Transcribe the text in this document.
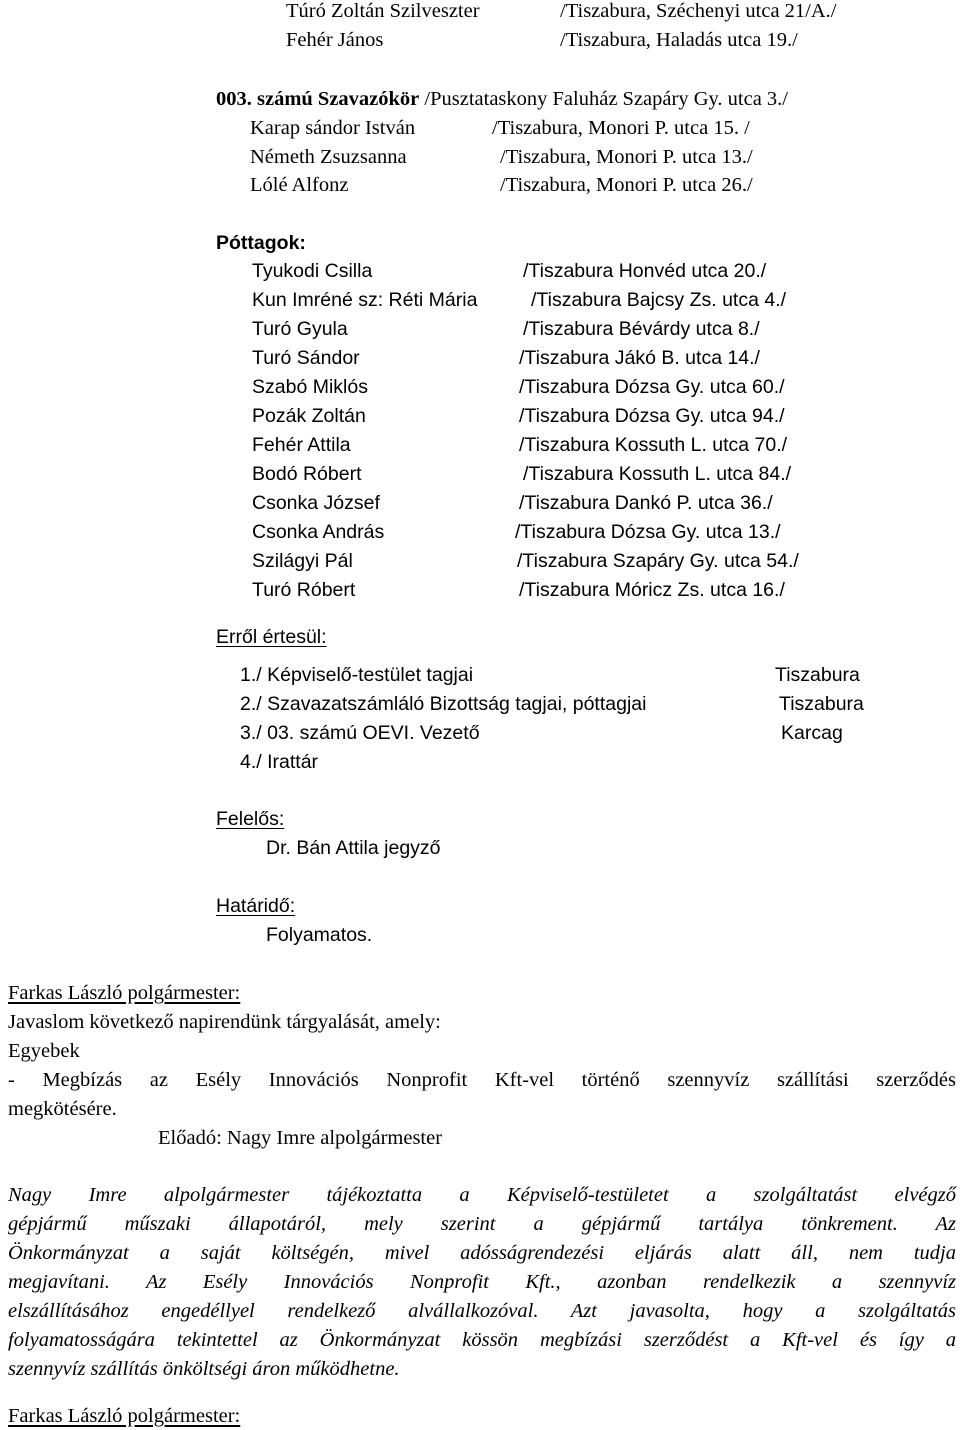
Túró Zoltán Szilveszter	/Tiszabura, Széchenyi utca 21/A./
Fehér János	/Tiszabura, Haladás utca 19./
003. számú Szavazókör /Pusztataskony Faluház Szapáry Gy. utca 3./
Karap sándor István	/Tiszabura, Monori P. utca 15. /
Németh Zsuzsanna	/Tiszabura, Monori P. utca 13./
Lólé Alfonz	/Tiszabura, Monori P. utca 26./
Póttagok:
Tyukodi Csilla	/Tiszabura Honvéd utca 20./
Kun Imréné sz: Réti Mária	/Tiszabura Bajcsy Zs. utca 4./
Turó Gyula	/Tiszabura Bévárdy utca 8./
Turó Sándor	/Tiszabura Jákó B. utca 14./
Szabó Miklós	/Tiszabura Dózsa Gy. utca 60./
Pozák Zoltán	/Tiszabura Dózsa Gy. utca 94./
Fehér Attila	/Tiszabura Kossuth L. utca 70./
Bodó Róbert	/Tiszabura Kossuth L. utca 84./
Csonka József	/Tiszabura Dankó P. utca 36./
Csonka András	/Tiszabura Dózsa Gy. utca 13./
Szilágyi Pál	/Tiszabura Szapáry Gy. utca 54./
Turó Róbert	/Tiszabura Móricz Zs. utca 16./
Erről értesül:
1./ Képviselő-testület tagjai	Tiszabura
2./ Szavazatszámláló Bizottság tagjai, póttagjai	Tiszabura
3./ 03. számú OEVI. Vezető	Karcag
4./ Irattár
Felelős:
Dr. Bán Attila jegyző
Határidő:
Folyamatos.
Farkas László polgármester:
Javaslom következő napirendünk tárgyalását, amely:
Egyebek
- Megbízás az Esély Innovációs Nonprofit Kft-vel történő szennyvíz szállítási szerződés
megkötésére.
Előadó: Nagy Imre alpolgármester
Nagy Imre alpolgármester tájékoztatta a Képviselő-testületet a szolgáltatást elvégző
gépjármű műszaki állapotáról, mely szerint a gépjármű tartálya tönkrement. Az
Önkormányzat a saját költségén, mivel adósságrendezési eljárás alatt áll, nem tudja
megjavítani. Az Esély Innovációs Nonprofit Kft., azonban rendelkezik a szennyvíz
elszállításához engedéllyel rendelkező alvállalkozóval. Azt javasolta, hogy a szolgáltatás
folyamatosságára tekintettel az Önkormányzat kössön megbízási szerződést a Kft-vel és így a
szennyvíz szállítás önköltségi áron működhetne.
Farkas László polgármester:
